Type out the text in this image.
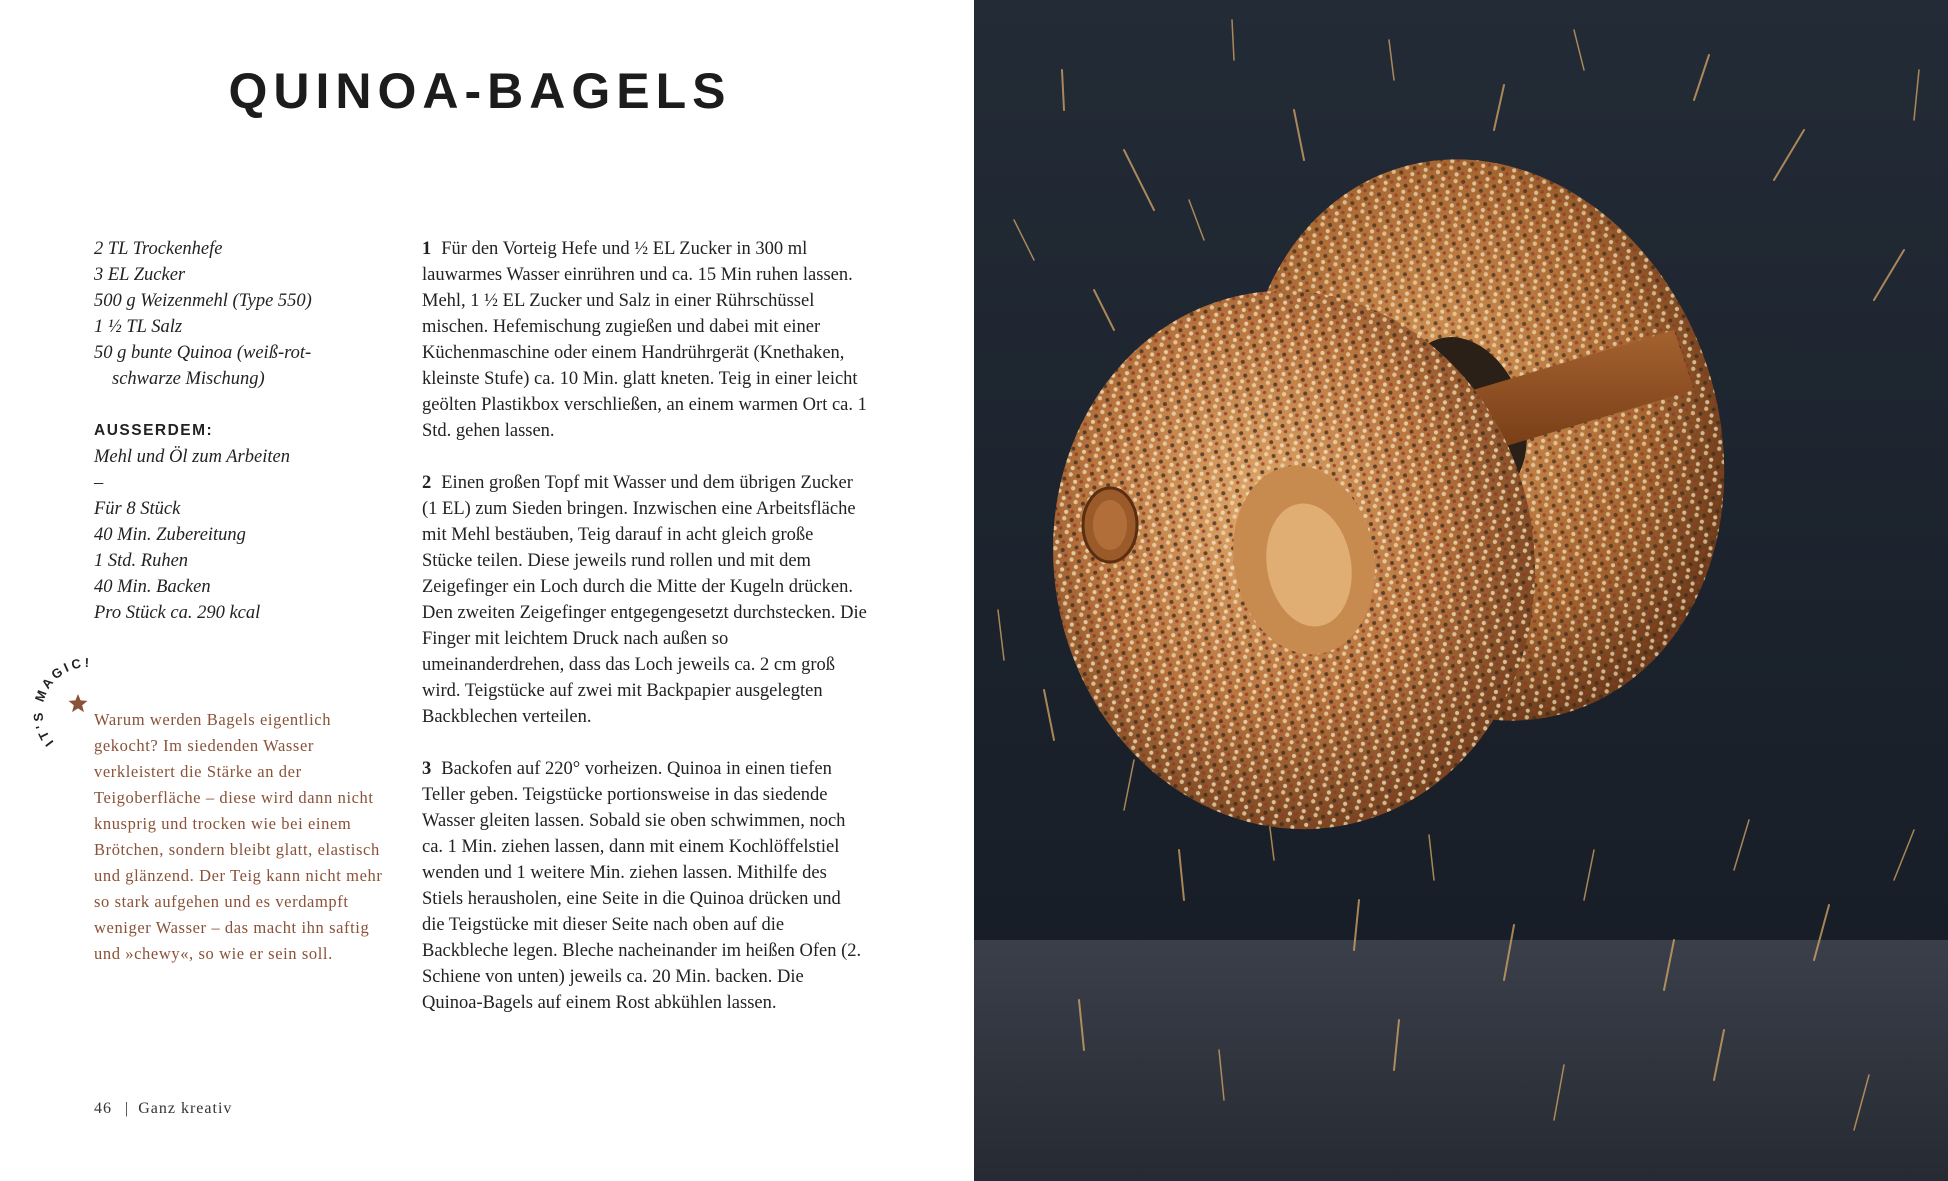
QUINOA-BAGELS
2 TL Trockenhefe
3 EL Zucker
500 g Weizenmehl (Type 550)
1 ½ TL Salz
50 g bunte Quinoa (weiß-rot-
schwarze Mischung)
AUSSERDEM:
Mehl und Öl zum Arbeiten
–
Für 8 Stück
40 Min. Zubereitung
1 Std. Ruhen
40 Min. Backen
Pro Stück ca. 290 kcal
IT'S MAGIC!
Warum werden Bagels eigentlich gekocht? Im siedenden Wasser verkleistert die Stärke an der Teigoberfläche – diese wird dann nicht knusprig und trocken wie bei einem Brötchen, sondern bleibt glatt, elastisch und glänzend. Der Teig kann nicht mehr so stark aufgehen und es verdampft weniger Wasser – das macht ihn saftig und »chewy«, so wie er sein soll.
1 Für den Vorteig Hefe und ½ EL Zucker in 300 ml lauwarmes Wasser einrühren und ca. 15 Min ruhen lassen. Mehl, 1 ½ EL Zucker und Salz in einer Rührschüssel mischen. Hefemischung zugießen und dabei mit einer Küchenmaschine oder einem Handrührgerät (Knethaken, kleinste Stufe) ca. 10 Min. glatt kneten. Teig in einer leicht geölten Plastikbox verschließen, an einem warmen Ort ca. 1 Std. gehen lassen.
2 Einen großen Topf mit Wasser und dem übrigen Zucker (1 EL) zum Sieden bringen. Inzwischen eine Arbeitsfläche mit Mehl bestäuben, Teig darauf in acht gleich große Stücke teilen. Diese jeweils rund rollen und mit dem Zeigefinger ein Loch durch die Mitte der Kugeln drücken. Den zweiten Zeigefinger entgegengesetzt durchstecken. Die Finger mit leichtem Druck nach außen so umeinanderdrehen, dass das Loch jeweils ca. 2 cm groß wird. Teigstücke auf zwei mit Backpapier ausgelegten Backblechen verteilen.
3 Backofen auf 220° vorheizen. Quinoa in einen tiefen Teller geben. Teigstücke portionsweise in das siedende Wasser gleiten lassen. Sobald sie oben schwimmen, noch ca. 1 Min. ziehen lassen, dann mit einem Kochlöffelstiel wenden und 1 weitere Min. ziehen lassen. Mithilfe des Stiels herausholen, eine Seite in die Quinoa drücken und die Teigstücke mit dieser Seite nach oben auf die Backbleche legen. Bleche nacheinander im heißen Ofen (2. Schiene von unten) jeweils ca. 20 Min. backen. Die Quinoa-Bagels auf einem Rost abkühlen lassen.
46 | Ganz kreativ
